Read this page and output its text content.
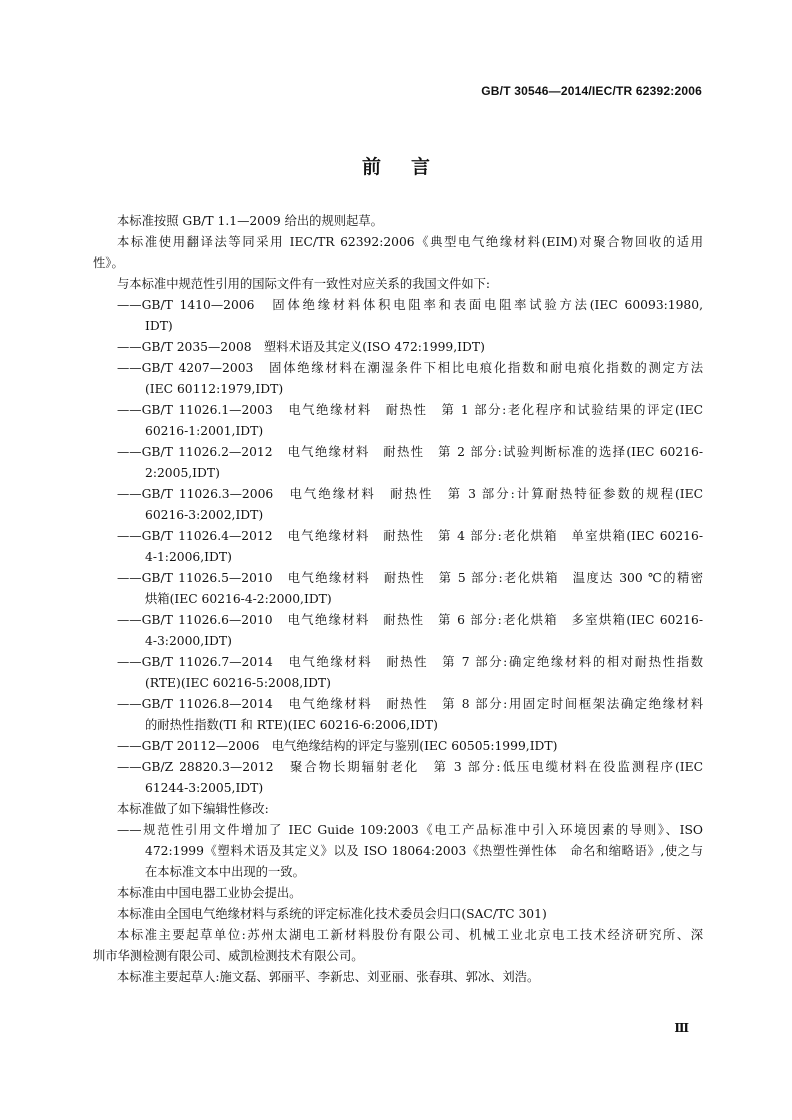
GB/T 30546—2014/IEC/TR 62392:2006
前言
本标准按照 GB/T 1.1—2009 给出的规则起草。
本标准使用翻译法等同采用 IEC/TR 62392:2006《典型电气绝缘材料(EIM)对聚合物回收的适用
性》。
与本标准中规范性引用的国际文件有一致性对应关系的我国文件如下:
——GB/T 1410—2006　固体绝缘材料体积电阻率和表面电阻率试验方法(IEC 60093:1980,
IDT)
——GB/T 2035—2008　塑料术语及其定义(ISO 472:1999,IDT)
——GB/T 4207—2003　固体绝缘材料在潮湿条件下相比电痕化指数和耐电痕化指数的测定方法
(IEC 60112:1979,IDT)
——GB/T 11026.1—2003　电气绝缘材料　耐热性　第 1 部分:老化程序和试验结果的评定(IEC
60216-1:2001,IDT)
——GB/T 11026.2—2012　电气绝缘材料　耐热性　第 2 部分:试验判断标准的选择(IEC 60216-
2:2005,IDT)
——GB/T 11026.3—2006　电气绝缘材料　耐热性　第 3 部分:计算耐热特征参数的规程(IEC
60216-3:2002,IDT)
——GB/T 11026.4—2012　电气绝缘材料　耐热性　第 4 部分:老化烘箱　单室烘箱(IEC 60216-
4-1:2006,IDT)
——GB/T 11026.5—2010　电气绝缘材料　耐热性　第 5 部分:老化烘箱　温度达 300 ℃的精密
烘箱(IEC 60216-4-2:2000,IDT)
——GB/T 11026.6—2010　电气绝缘材料　耐热性　第 6 部分:老化烘箱　多室烘箱(IEC 60216-
4-3:2000,IDT)
——GB/T 11026.7—2014　电气绝缘材料　耐热性　第 7 部分:确定绝缘材料的相对耐热性指数
(RTE)(IEC 60216-5:2008,IDT)
——GB/T 11026.8—2014　电气绝缘材料　耐热性　第 8 部分:用固定时间框架法确定绝缘材料
的耐热性指数(TI 和 RTE)(IEC 60216-6:2006,IDT)
——GB/T 20112—2006　电气绝缘结构的评定与鉴别(IEC 60505:1999,IDT)
——GB/Z 28820.3—2012　聚合物长期辐射老化　第 3 部分:低压电缆材料在役监测程序(IEC
61244-3:2005,IDT)
本标准做了如下编辑性修改:
——规范性引用文件增加了 IEC Guide 109:2003《电工产品标准中引入环境因素的导则》、ISO
472:1999《塑料术语及其定义》以及 ISO 18064:2003《热塑性弹性体　命名和缩略语》,使之与
在本标准文本中出现的一致。
本标准由中国电器工业协会提出。
本标准由全国电气绝缘材料与系统的评定标准化技术委员会归口(SAC/TC 301)
本标准主要起草单位:苏州太湖电工新材料股份有限公司、机械工业北京电工技术经济研究所、深
圳市华测检测有限公司、威凯检测技术有限公司。
本标准主要起草人:施文磊、郭丽平、李新忠、刘亚丽、张春琪、郭冰、刘浩。
Ⅲ
